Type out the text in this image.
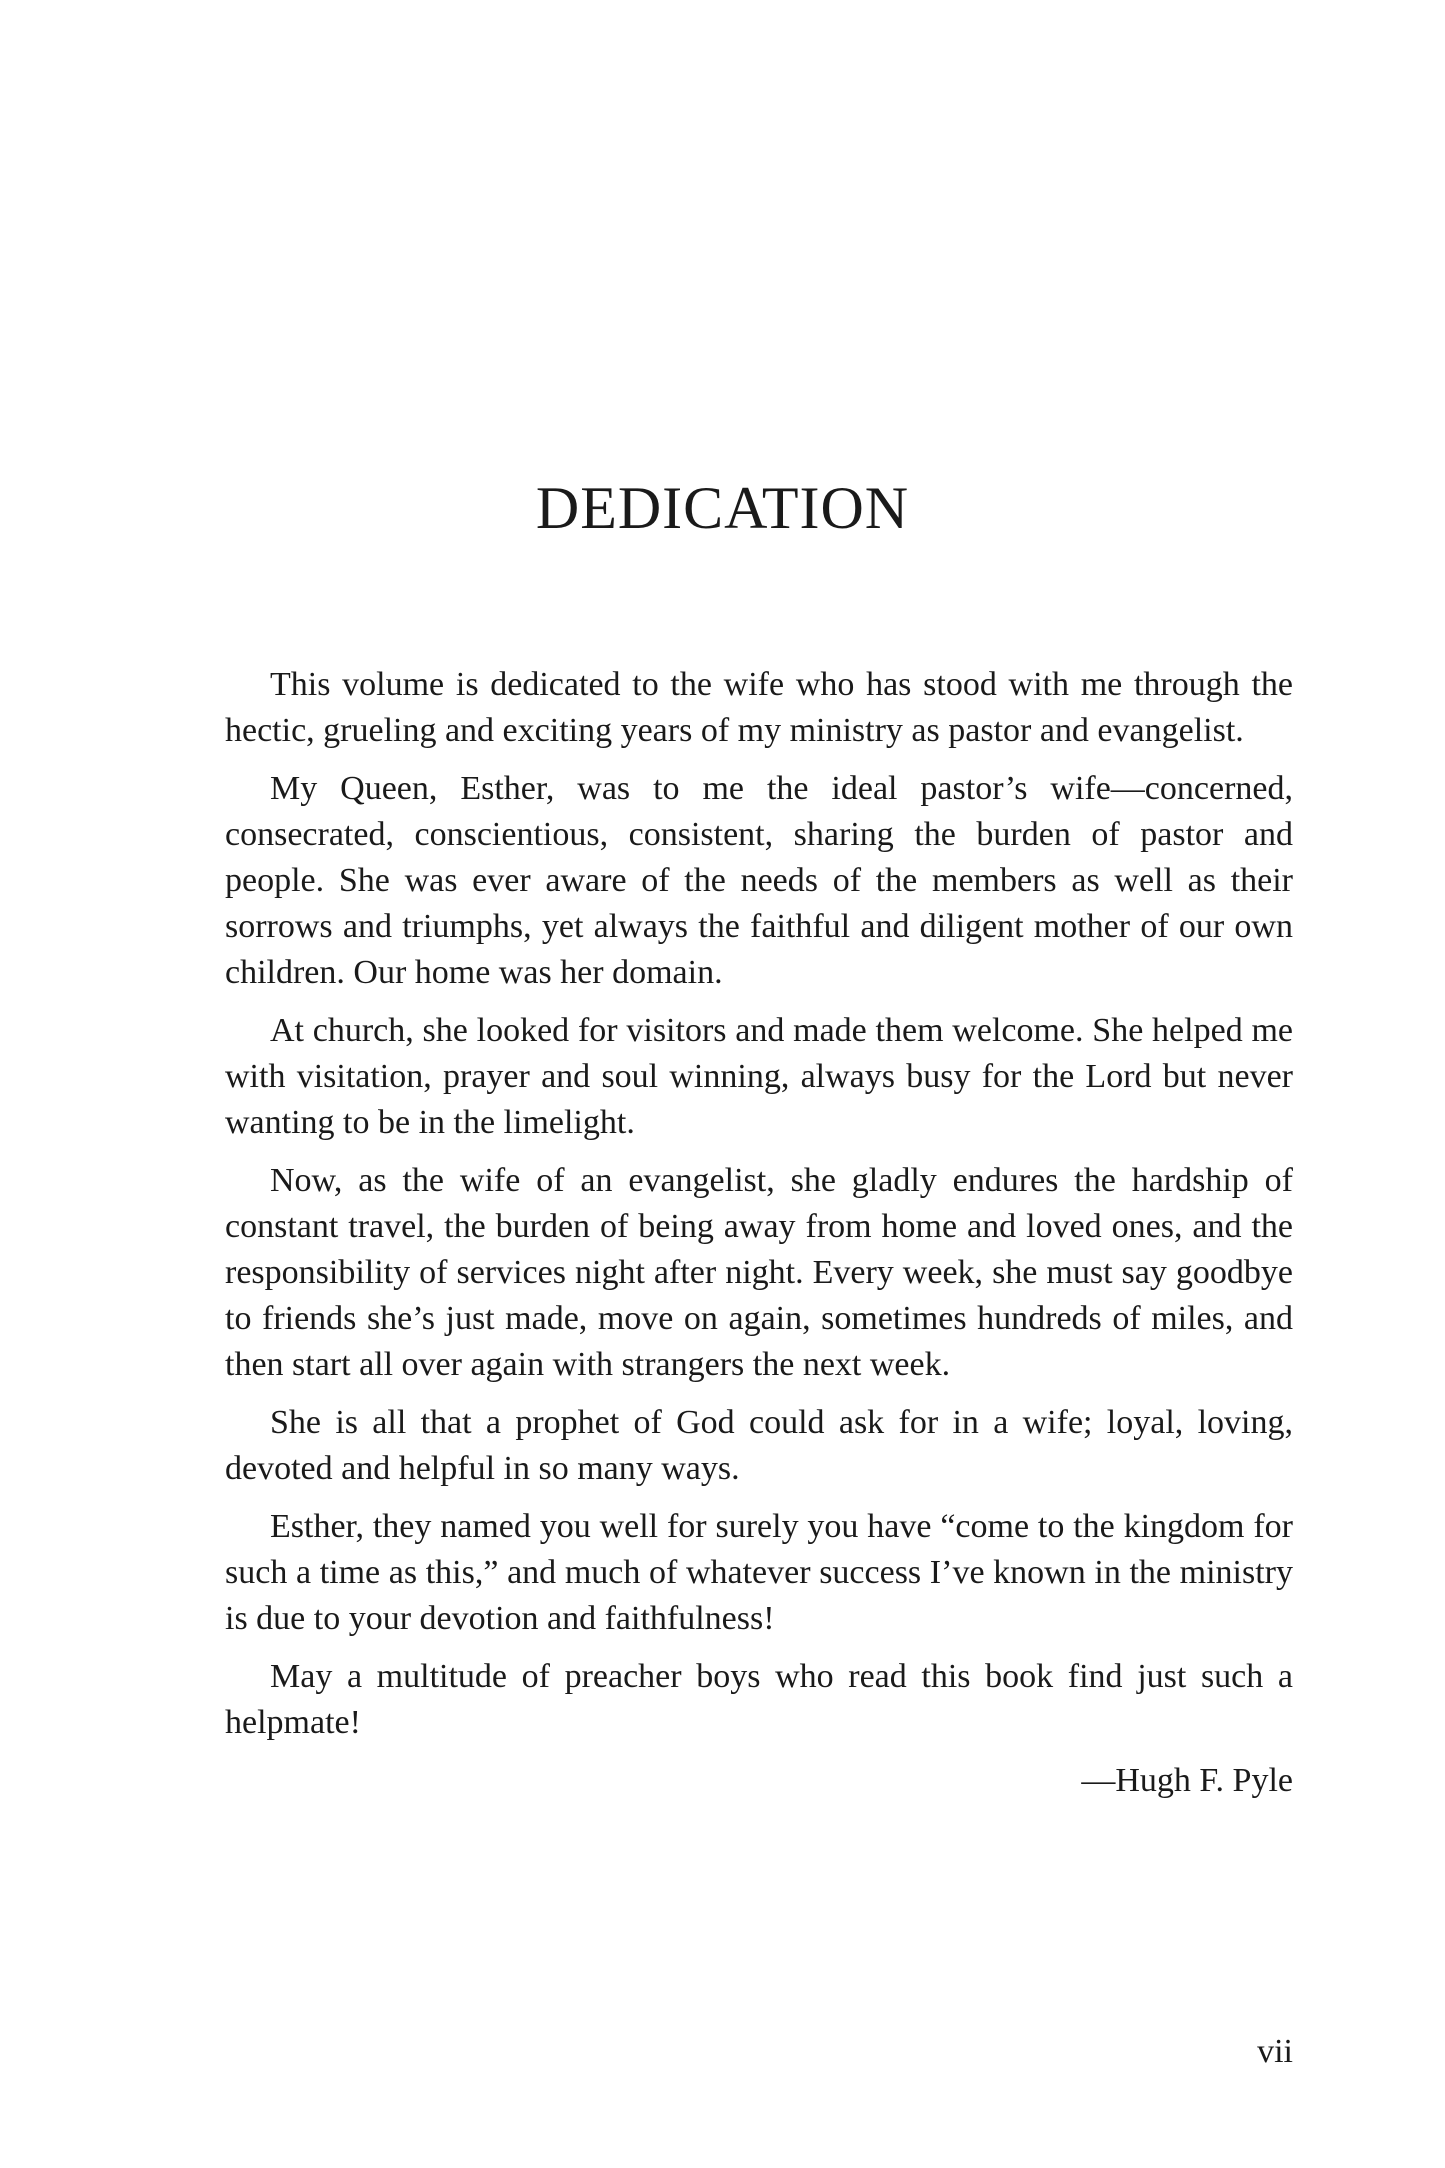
DEDICATION

This volume is dedicated to the wife who has stood with me through the hectic, grueling and exciting years of my ministry as pastor and evangelist.

My Queen, Esther, was to me the ideal pastor’s wife—concerned, consecrated, conscientious, consistent, sharing the burden of pastor and people. She was ever aware of the needs of the members as well as their sorrows and triumphs, yet always the faithful and diligent mother of our own children. Our home was her domain.

At church, she looked for visitors and made them welcome. She helped me with visitation, prayer and soul winning, always busy for the Lord but never wanting to be in the limelight.

Now, as the wife of an evangelist, she gladly endures the hardship of constant travel, the burden of being away from home and loved ones, and the responsibility of services night after night. Every week, she must say goodbye to friends she’s just made, move on again, sometimes hundreds of miles, and then start all over again with strangers the next week.

She is all that a prophet of God could ask for in a wife; loyal, loving, devoted and helpful in so many ways.

Esther, they named you well for surely you have “come to the kingdom for such a time as this,” and much of whatever success I’ve known in the ministry is due to your devotion and faithfulness!

May a multitude of preacher boys who read this book find just such a helpmate!

—Hugh F. Pyle

vii
